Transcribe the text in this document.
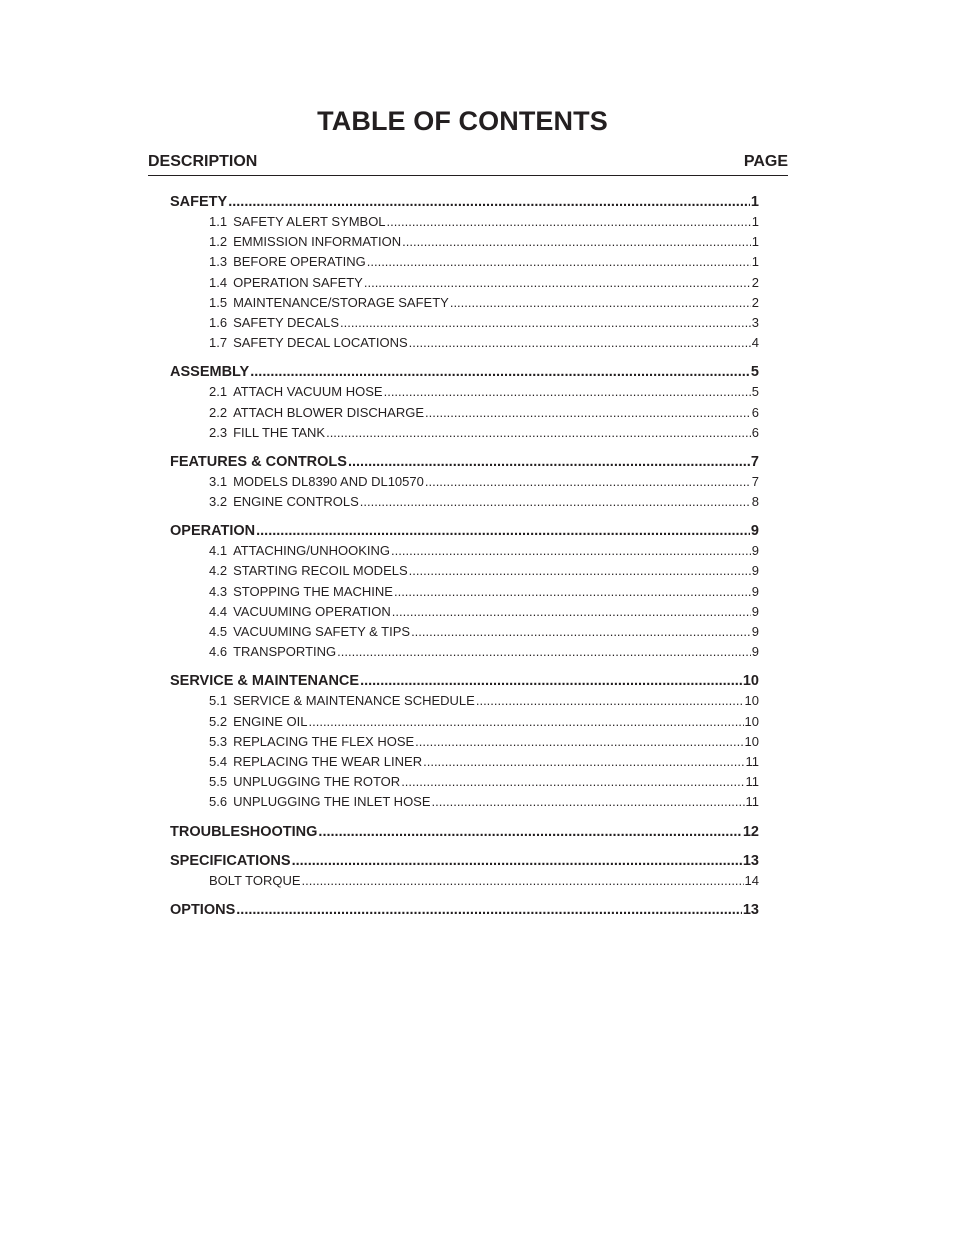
TABLE OF CONTENTS
DESCRIPTION	PAGE
SAFETY .....	1
1.1 SAFETY ALERT SYMBOL .....	1
1.2 EMMISSION INFORMATION .....	1
1.3 BEFORE OPERATING .....	1
1.4 OPERATION SAFETY .....	2
1.5 MAINTENANCE/STORAGE SAFETY .....	2
1.6 SAFETY DECALS .....	3
1.7 SAFETY DECAL LOCATIONS .....	4
ASSEMBLY .....	5
2.1 ATTACH VACUUM HOSE .....	5
2.2 ATTACH BLOWER DISCHARGE .....	6
2.3 FILL THE TANK .....	6
FEATURES & CONTROLS .....	7
3.1 MODELS DL8390 AND DL10570 .....	7
3.2 ENGINE CONTROLS .....	8
OPERATION .....	9
4.1 ATTACHING/UNHOOKING .....	9
4.2 STARTING RECOIL MODELS .....	9
4.3 STOPPING THE MACHINE .....	9
4.4 VACUUMING OPERATION .....	9
4.5 VACUUMING SAFETY & TIPS .....	9
4.6 TRANSPORTING .....	9
SERVICE & MAINTENANCE .....	10
5.1 SERVICE & MAINTENANCE SCHEDULE .....	10
5.2 ENGINE OIL .....	10
5.3 REPLACING THE FLEX HOSE .....	10
5.4 REPLACING THE WEAR LINER .....	11
5.5 UNPLUGGING THE ROTOR .....	11
5.6 UNPLUGGING THE INLET HOSE .....	11
TROUBLESHOOTING .....	12
SPECIFICATIONS .....	13
BOLT TORQUE .....	14
OPTIONS .....	13
